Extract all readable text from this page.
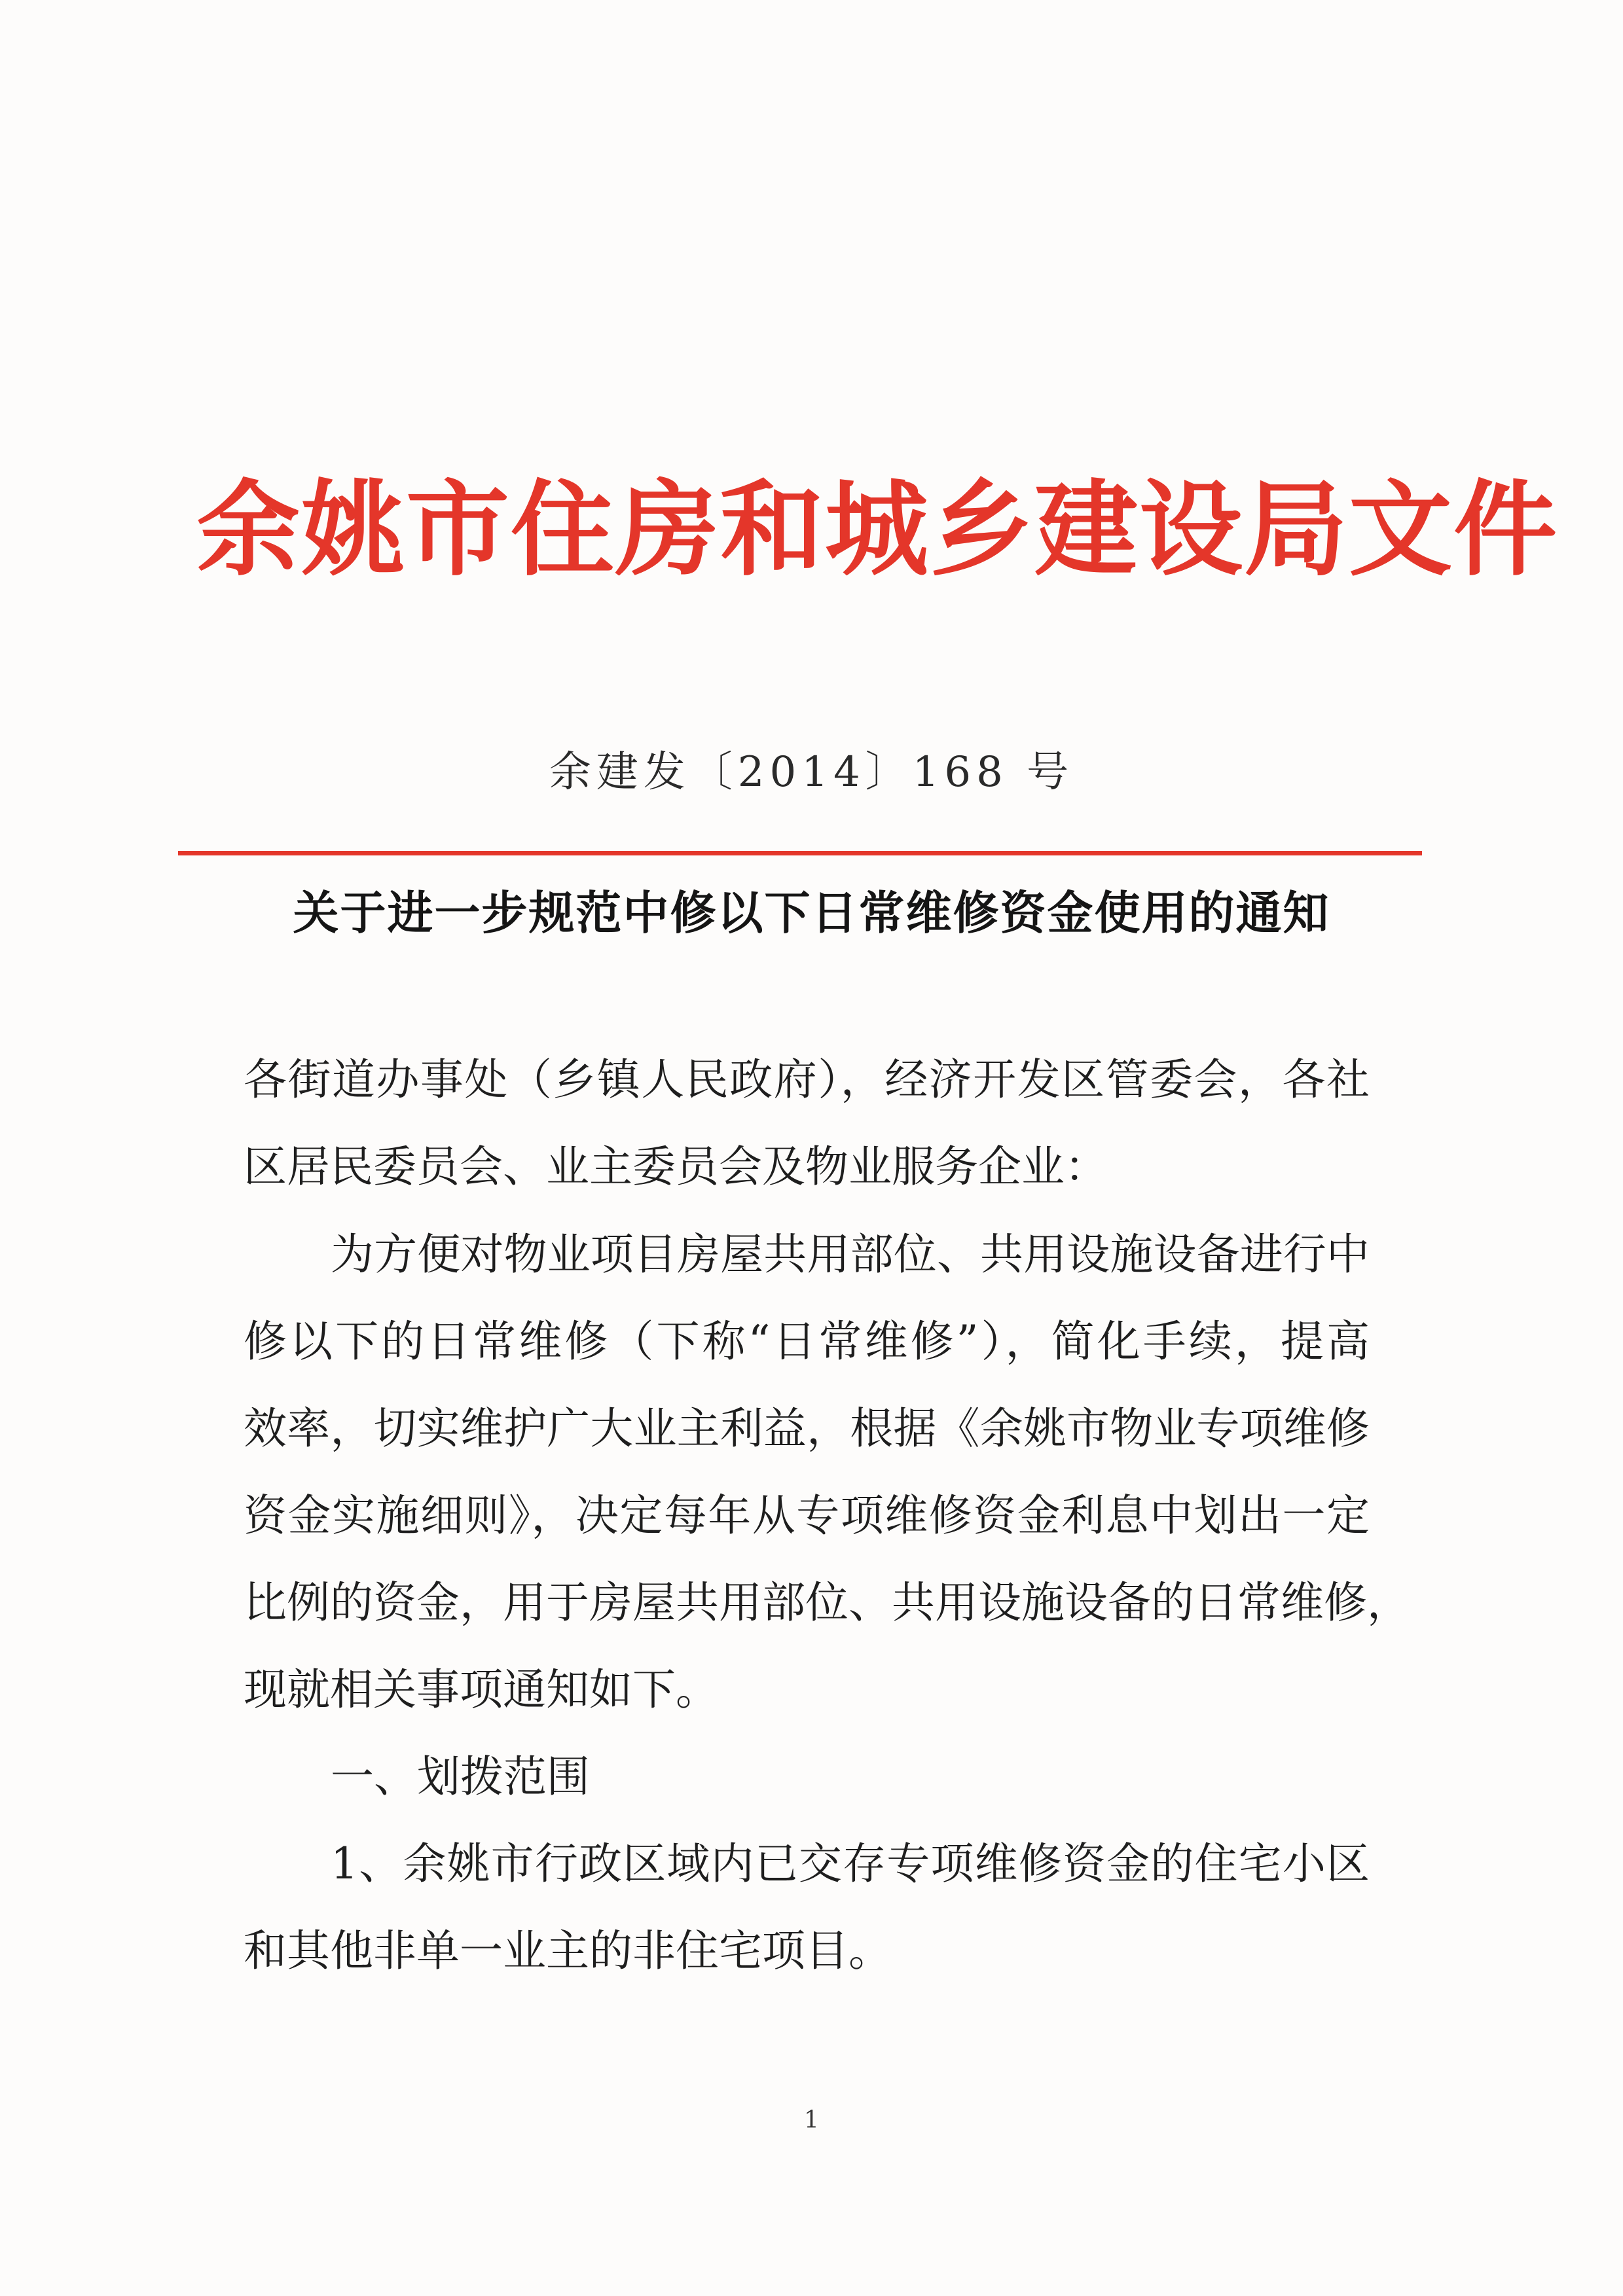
余姚市住房和城乡建设局文件
余建发〔2014〕168 号
关于进一步规范中修以下日常维修资金使用的通知
各街道办事处（乡镇人民政府），经济开发区管委会，各社
区居民委员会、业主委员会及物业服务企业：
为方便对物业项目房屋共用部位、共用设施设备进行中
修以下的日常维修（下称“日常维修”），简化手续，提高
效率，切实维护广大业主利益，根据《余姚市物业专项维修
资金实施细则》，决定每年从专项维修资金利息中划出一定
比例的资金，用于房屋共用部位、共用设施设备的日常维修，
现就相关事项通知如下。
一、划拨范围
1、余姚市行政区域内已交存专项维修资金的住宅小区
和其他非单一业主的非住宅项目。
1
